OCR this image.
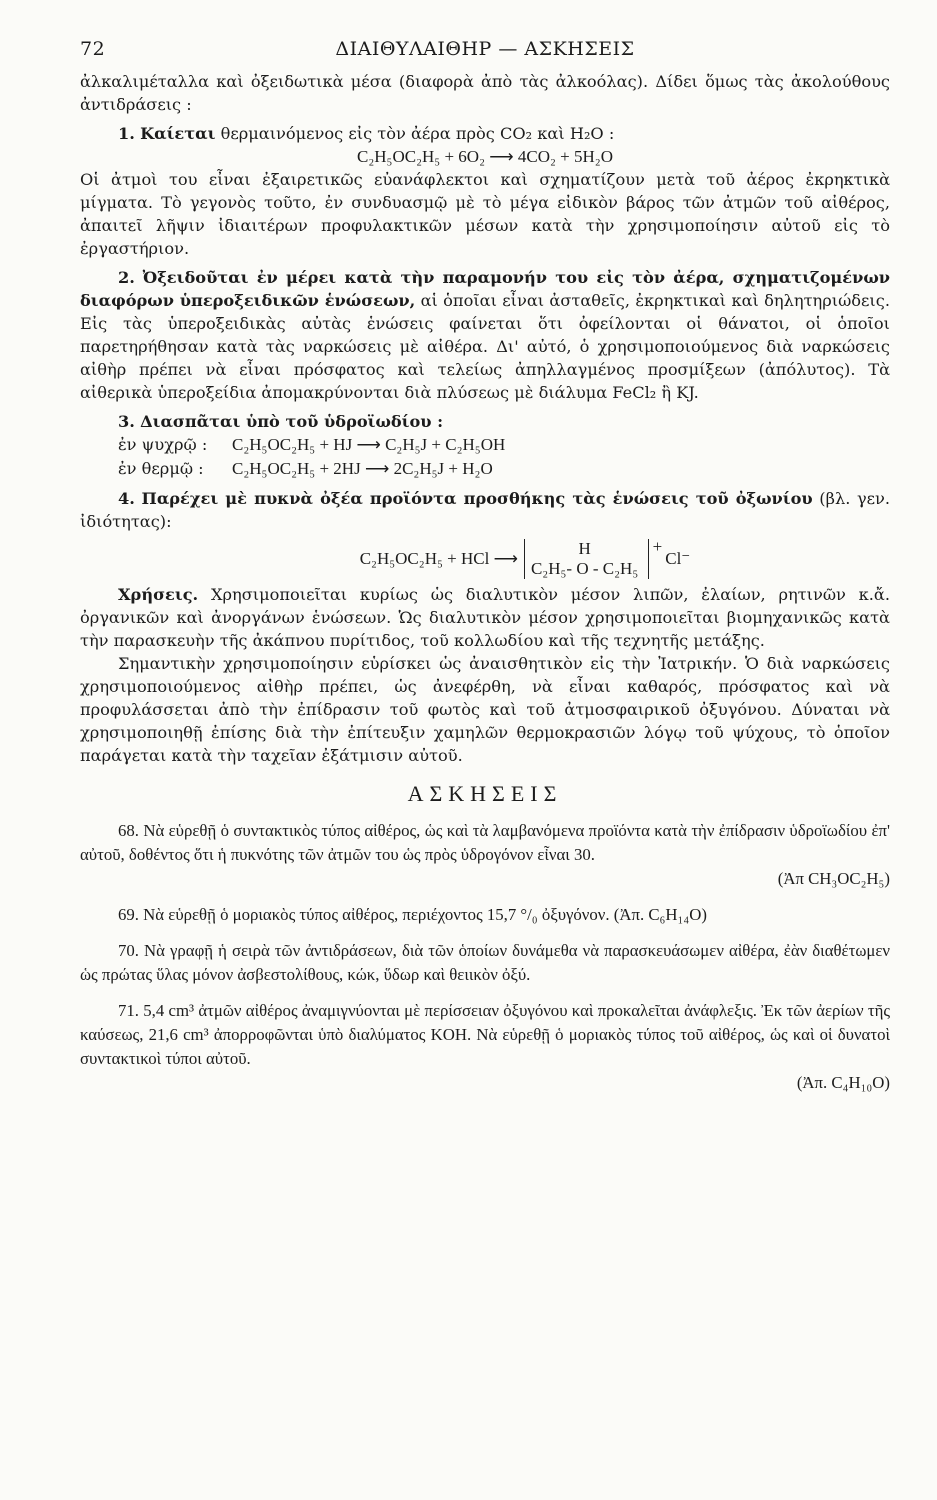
72	ΔΙΑΙΘΥΛΑΙΘΗΡ — ΑΣΚΗΣΕΙΣ

ἀλκαλιμέταλλα καὶ ὀξειδωτικὰ μέσα (διαφορὰ ἀπὸ τὰς ἀλκοόλας). Δίδει ὅμως τὰς ἀκολούθους ἀντιδράσεις :

1. Καίεται θερμαινόμενος εἰς τὸν ἀέρα πρὸς CO₂ καὶ H₂O :

C₂H₅OC₂H₅ + 6O₂ ⟶ 4CO₂ + 5H₂O

Οἱ ἀτμοὶ του εἶναι ἐξαιρετικῶς εὐανάφλεκτοι καὶ σχηματίζουν μετὰ τοῦ ἀέρος ἐκρηκτικὰ μίγματα. Τὸ γεγονὸς τοῦτο, ἐν συνδυασμῷ μὲ τὸ μέγα εἰδικὸν βάρος τῶν ἀτμῶν τοῦ αἰθέρος, ἀπαιτεῖ λῆψιν ἰδιαιτέρων προφυλακτικῶν μέσων κατὰ τὴν χρησιμοποίησιν αὐτοῦ εἰς τὸ ἐργαστήριον.

2. Ὀξειδοῦται ἐν μέρει κατὰ τὴν παραμονήν του εἰς τὸν ἀέρα, σχηματιζομένων διαφόρων ὑπεροξειδικῶν ἑνώσεων, αἱ ὁποῖαι εἶναι ἀσταθεῖς, ἐκρηκτικαὶ καὶ δηλητηριώδεις. Εἰς τὰς ὑπεροξειδικὰς αὐτὰς ἑνώσεις φαίνεται ὅτι ὀφείλονται οἱ θάνατοι, οἱ ὁποῖοι παρετηρήθησαν κατὰ τὰς ναρκώσεις μὲ αἰθέρα. Δι' αὐτό, ὁ χρησιμοποιούμενος διὰ ναρκώσεις αἰθὴρ πρέπει νὰ εἶναι πρόσφατος καὶ τελείως ἀπηλλαγμένος προσμίξεων (ἀπόλυτος). Τὰ αἰθερικὰ ὑπεροξείδια ἀπομακρύνονται διὰ πλύσεως μὲ διάλυμα FeCl₂ ἢ KJ.

3. Διασπᾶται ὑπὸ τοῦ ὑδροϊωδίου :

ἐν ψυχρῷ :	C₂H₅OC₂H₅ + HJ ⟶ C₂H₅J + C₂H₅OH
ἐν θερμῷ :	C₂H₅OC₂H₅ + 2HJ ⟶ 2C₂H₅J + H₂O

4. Παρέχει μὲ πυκνὰ ὀξέα προϊόντα προσθήκης τὰς ἑνώσεις τοῦ ὀξωνίου (βλ. γεν. ἰδιότητας):

C₂H₅OC₂H₅ + HCl ⟶
H
C₂H₅- O - C₂H₅
+
Cl⁻

Χρήσεις. Χρησιμοποιεῖται κυρίως ὡς διαλυτικὸν μέσον λιπῶν, ἐλαίων, ρητινῶν κ.ἄ. ὀργανικῶν καὶ ἀνοργάνων ἑνώσεων. Ὡς διαλυτικὸν μέσον χρησιμοποιεῖται βιομηχανικῶς κατὰ τὴν παρασκευὴν τῆς ἀκάπνου πυρίτιδος, τοῦ κολλωδίου καὶ τῆς τεχνητῆς μετάξης.

Σημαντικὴν χρησιμοποίησιν εὑρίσκει ὡς ἀναισθητικὸν εἰς τὴν Ἰατρικήν. Ὁ διὰ ναρκώσεις χρησιμοποιούμενος αἰθὴρ πρέπει, ὡς ἀνεφέρθη, νὰ εἶναι καθαρός, πρόσφατος καὶ νὰ προφυλάσσεται ἀπὸ τὴν ἐπίδρασιν τοῦ φωτὸς καὶ τοῦ ἀτμοσφαιρικοῦ ὀξυγόνου. Δύναται νὰ χρησιμοποιηθῇ ἐπίσης διὰ τὴν ἐπίτευξιν χαμηλῶν θερμοκρασιῶν λόγῳ τοῦ ψύχους, τὸ ὁποῖον παράγεται κατὰ τὴν ταχεῖαν ἐξάτμισιν αὐτοῦ.

ΑΣΚΗΣΕΙΣ

68. Νὰ εὑρεθῇ ὁ συντακτικὸς τύπος αἰθέρος, ὡς καὶ τὰ λαμβανόμενα προϊόντα κατὰ τὴν ἐπίδρασιν ὑδροϊωδίου ἐπ' αὐτοῦ, δοθέντος ὅτι ἡ πυκνότης τῶν ἀτμῶν του ὡς πρὸς ὑδρογόνον εἶναι 30.

(Ἀπ CH₃OC₂H₅)

69. Νὰ εὑρεθῇ ὁ μοριακὸς τύπος αἰθέρος, περιέχοντος 15,7 °/₀ ὀξυγόνον. (Ἀπ. C₆H₁₄O)

70. Νὰ γραφῇ ἡ σειρὰ τῶν ἀντιδράσεων, διὰ τῶν ὁποίων δυνάμεθα νὰ παρασκευάσωμεν αἰθέρα, ἐὰν διαθέτωμεν ὡς πρώτας ὕλας μόνον ἀσβεστολίθους, κώκ, ὕδωρ καὶ θειικὸν ὀξύ.

71. 5,4 cm³ ἀτμῶν αἰθέρος ἀναμιγνύονται μὲ περίσσειαν ὀξυγόνου καὶ προκαλεῖται ἀνάφλεξις. Ἐκ τῶν ἀερίων τῆς καύσεως, 21,6 cm³ ἀπορροφῶνται ὑπὸ διαλύματος KOH. Νὰ εὑρεθῇ ὁ μοριακὸς τύπος τοῦ αἰθέρος, ὡς καὶ οἱ δυνατοὶ συντακτικοὶ τύποι αὐτοῦ.

(Ἀπ. C₄H₁₀O)
